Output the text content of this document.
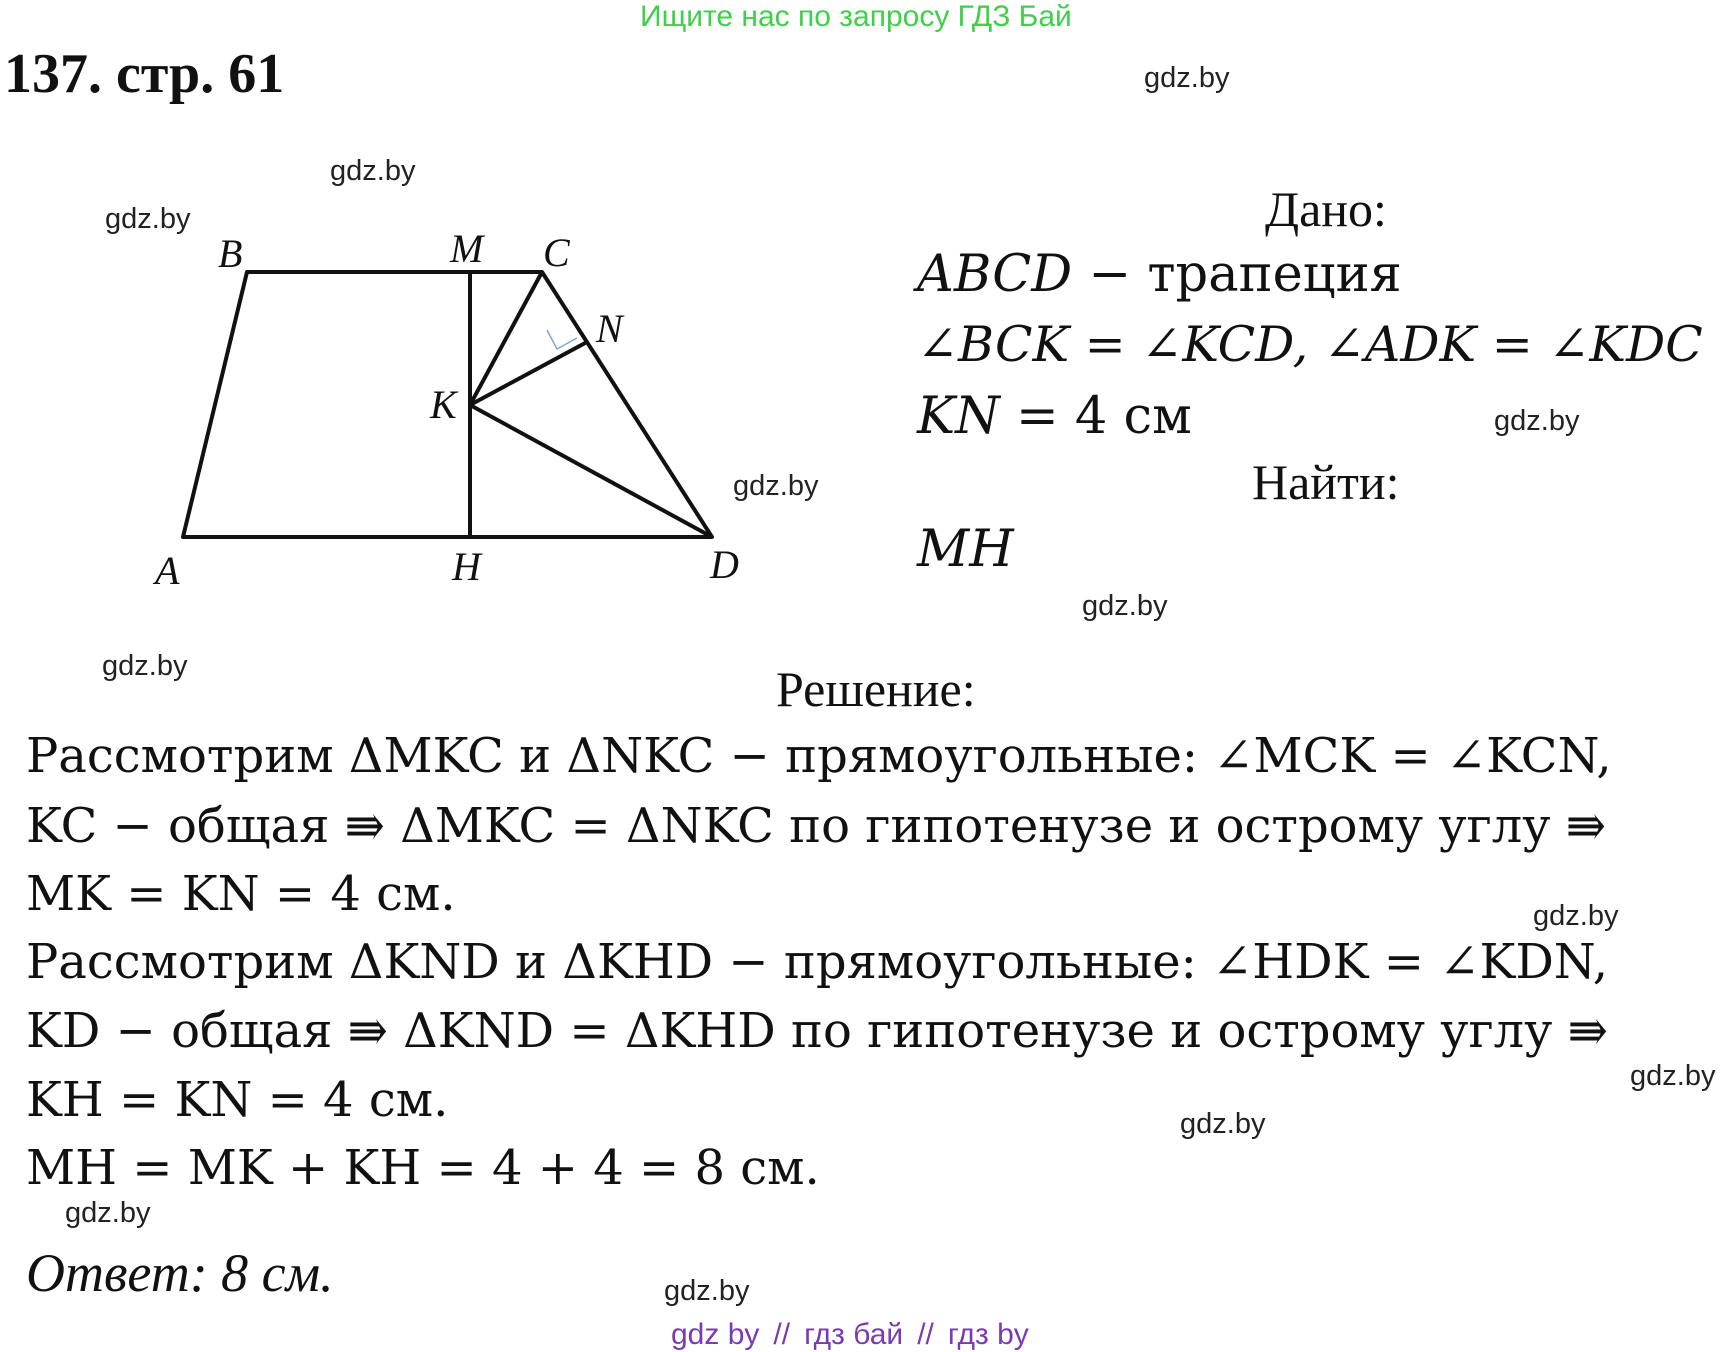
Ищите нас по запросу ГДЗ Бай
137. стр. 61
B	M C
N
K
A	H	D
Дано:
ABCD − трапеция
∠BCK = ∠KCD, ∠ADK = ∠KDC
KN = 4 см
Найти:
MH
Решение:
Рассмотрим ΔMKC и ΔNKC − прямоугольные: ∠MCK = ∠KCN,
KC − общая ⇛ ΔMKC = ΔNKC по гипотенузе и острому углу ⇛
MK = KN = 4 см.
Рассмотрим ΔKND и ΔKHD − прямоугольные: ∠HDK = ∠KDN,
KD − общая ⇛ ΔKND = ΔKHD по гипотенузе и острому углу ⇛
KH = KN = 4 см.
MH = MK + KH = 4 + 4 = 8 см.
Ответ: 8 см.
gdz.by
gdz.by
gdz.by
gdz.by
gdz.by
gdz.by
gdz.by
gdz.by
gdz.by
gdz.by
gdz.by
gdz.by
gdz by // гдз бай // гдз by
